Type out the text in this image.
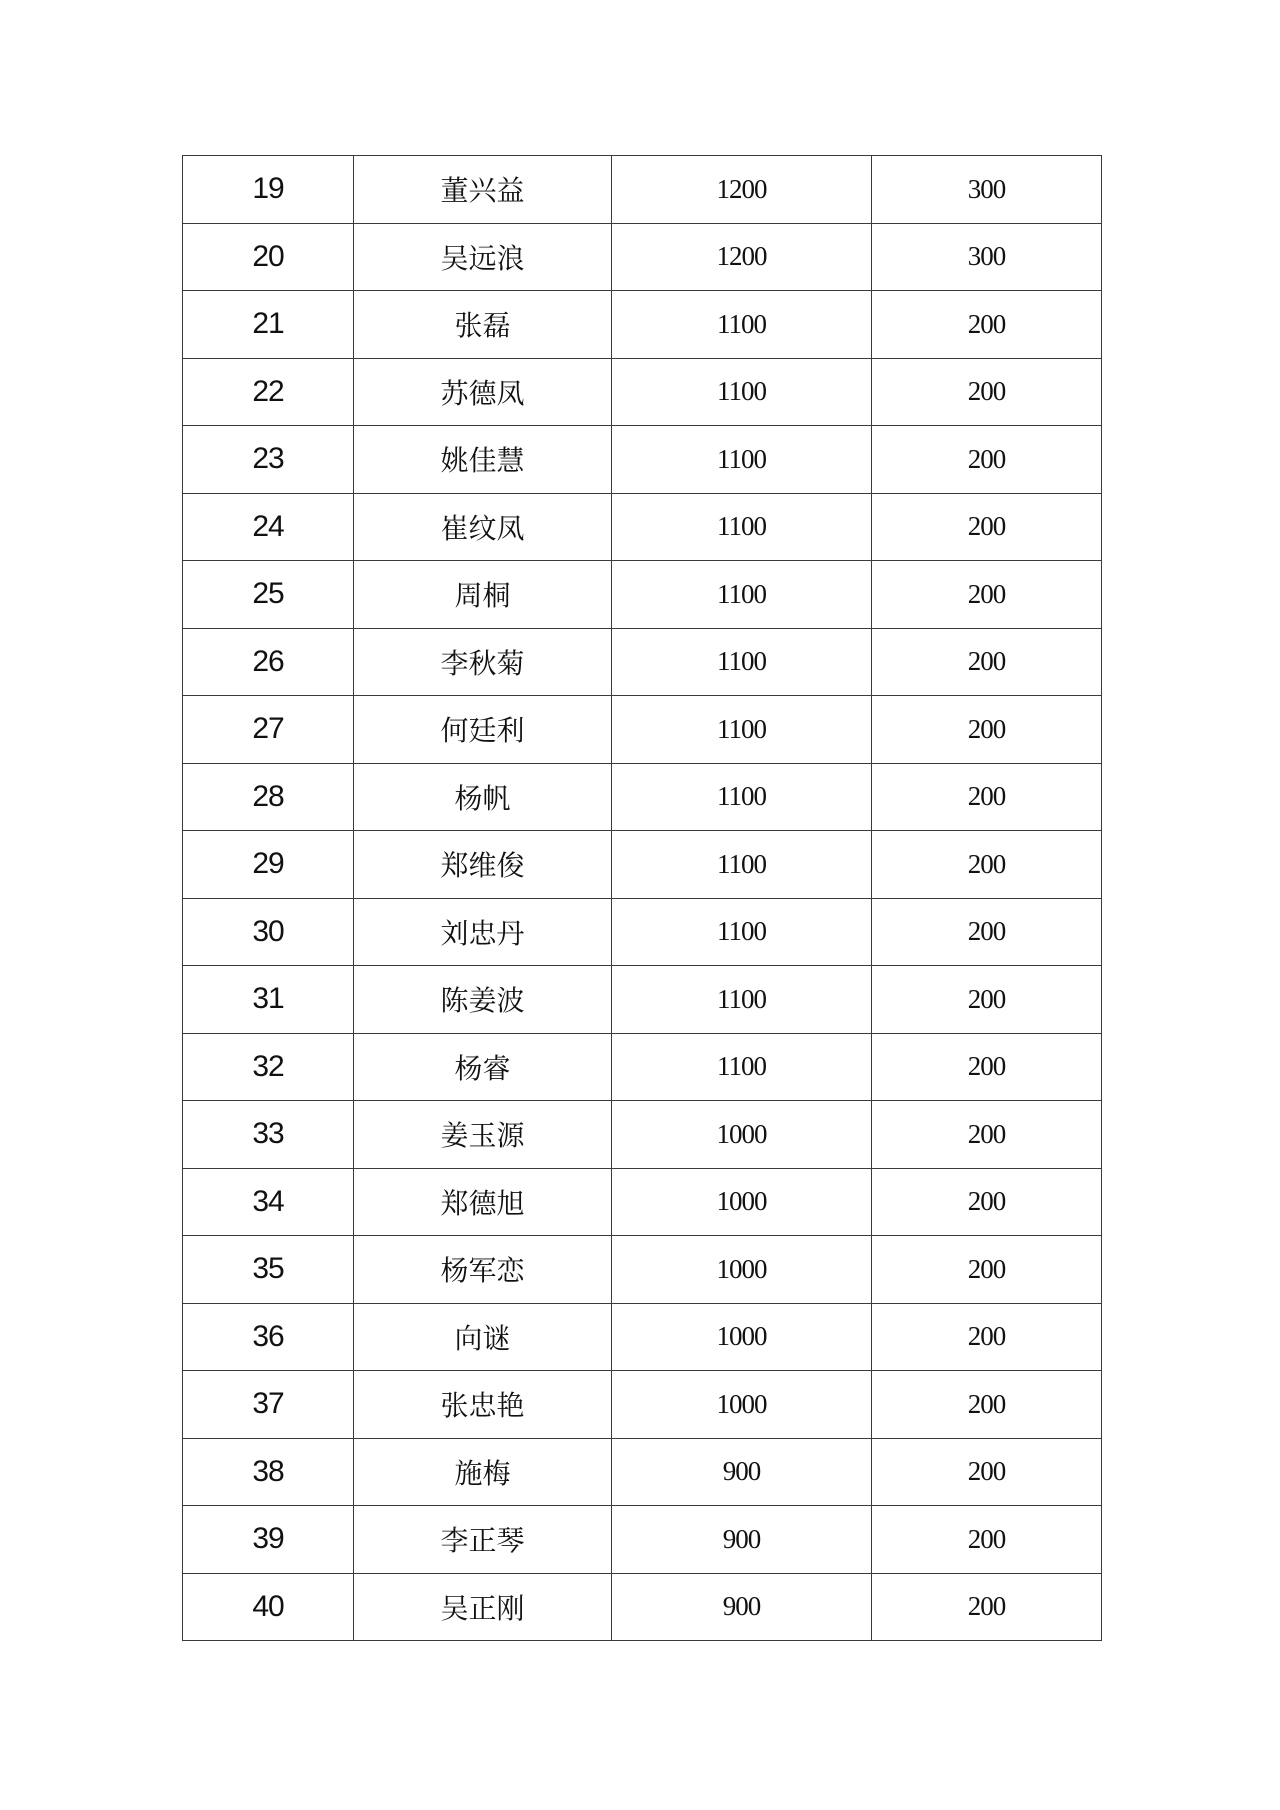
19	董兴益	1200	300
20	吴远浪	1200	300
21	张磊	1100	200
22	苏德凤	1100	200
23	姚佳慧	1100	200
24	崔纹凤	1100	200
25	周桐	1100	200
26	李秋菊	1100	200
27	何廷利	1100	200
28	杨帆	1100	200
29	郑维俊	1100	200
30	刘忠丹	1100	200
31	陈姜波	1100	200
32	杨睿	1100	200
33	姜玉源	1000	200
34	郑德旭	1000	200
35	杨军恋	1000	200
36	向谜	1000	200
37	张忠艳	1000	200
38	施梅	900	200
39	李正琴	900	200
40	吴正刚	900	200
